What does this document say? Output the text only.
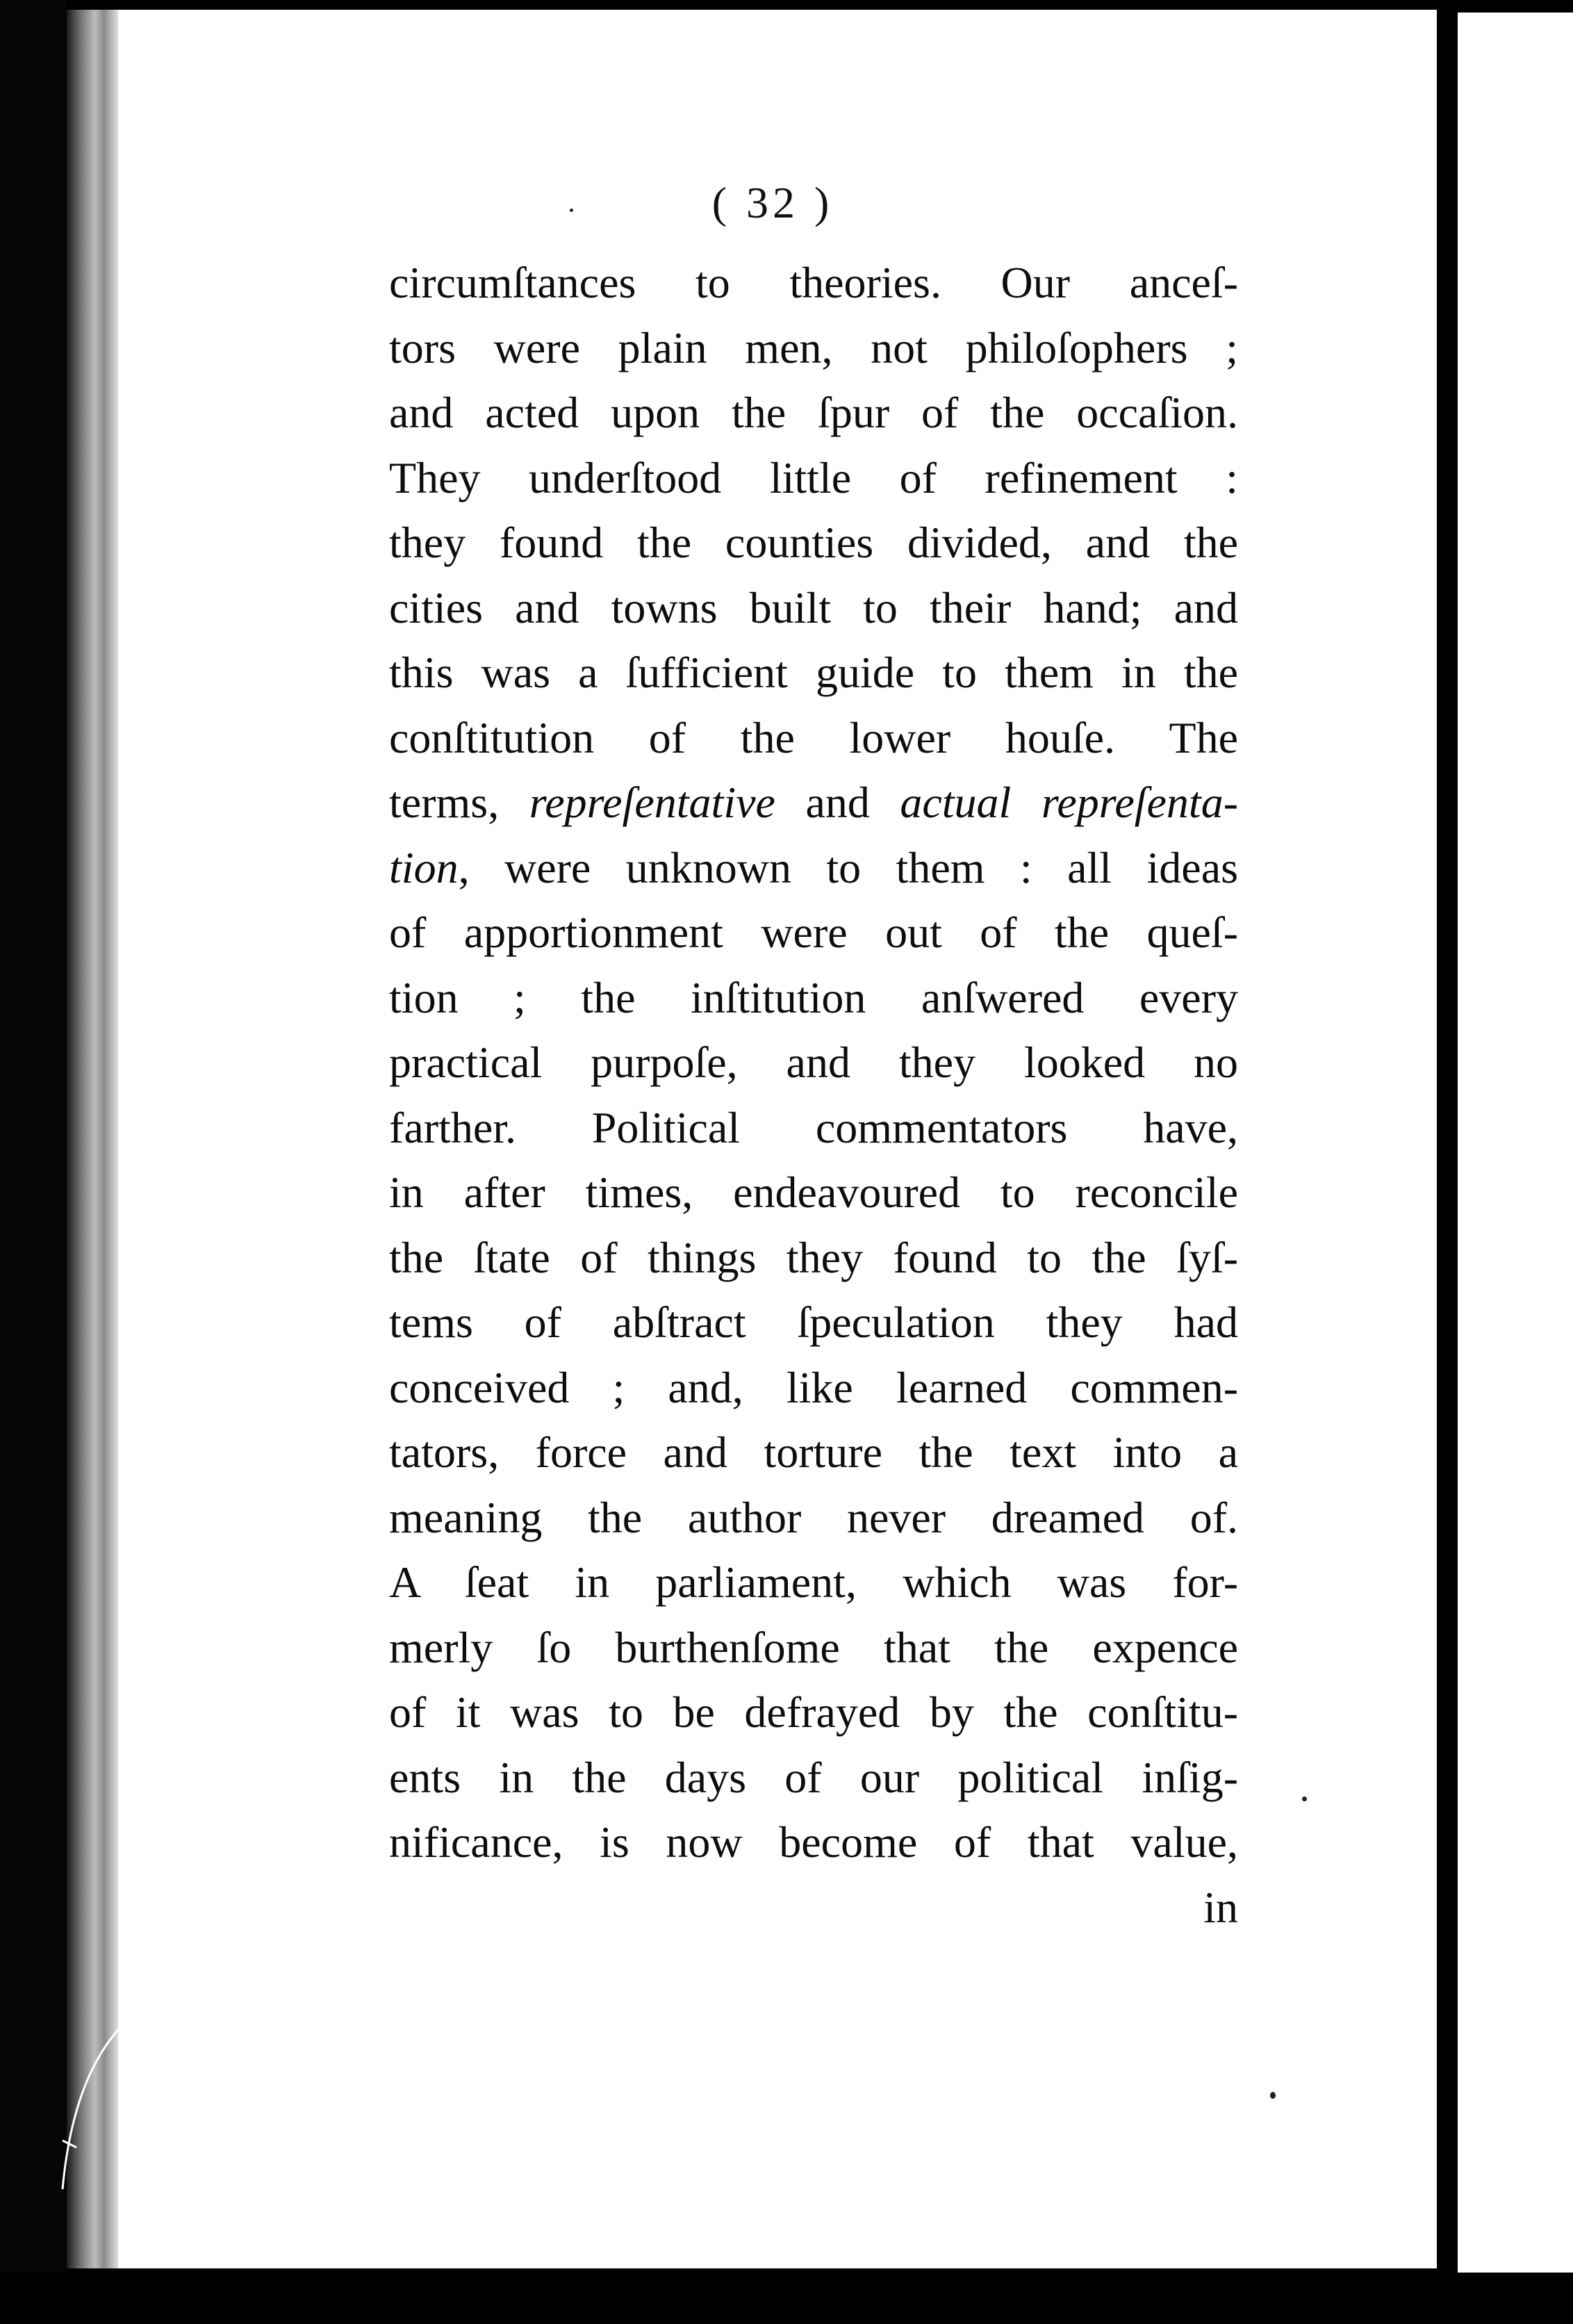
( 32 )
circumſtances to theories. Our anceſ-
tors were plain men, not philoſophers ;
and acted upon the ſpur of the occaſion.
They underſtood little of refinement :
they found the counties divided, and the
cities and towns built to their hand; and
this was a ſufficient guide to them in the
conſtitution of the lower houſe. The
terms, repreſentative and actual repreſenta-
tion, were unknown to them : all ideas
of apportionment were out of the queſ-
tion ; the inſtitution anſwered every
practical purpoſe, and they looked no
farther. Political commentators have,
in after times, endeavoured to reconcile
the ſtate of things they found to the ſyſ-
tems of abſtract ſpeculation they had
conceived ; and, like learned commen-
tators, force and torture the text into a
meaning the author never dreamed of.
A ſeat in parliament, which was for-
merly ſo burthenſome that the expence
of it was to be defrayed by the conſtitu-
ents in the days of our political inſig-
nificance, is now become of that value,
in
